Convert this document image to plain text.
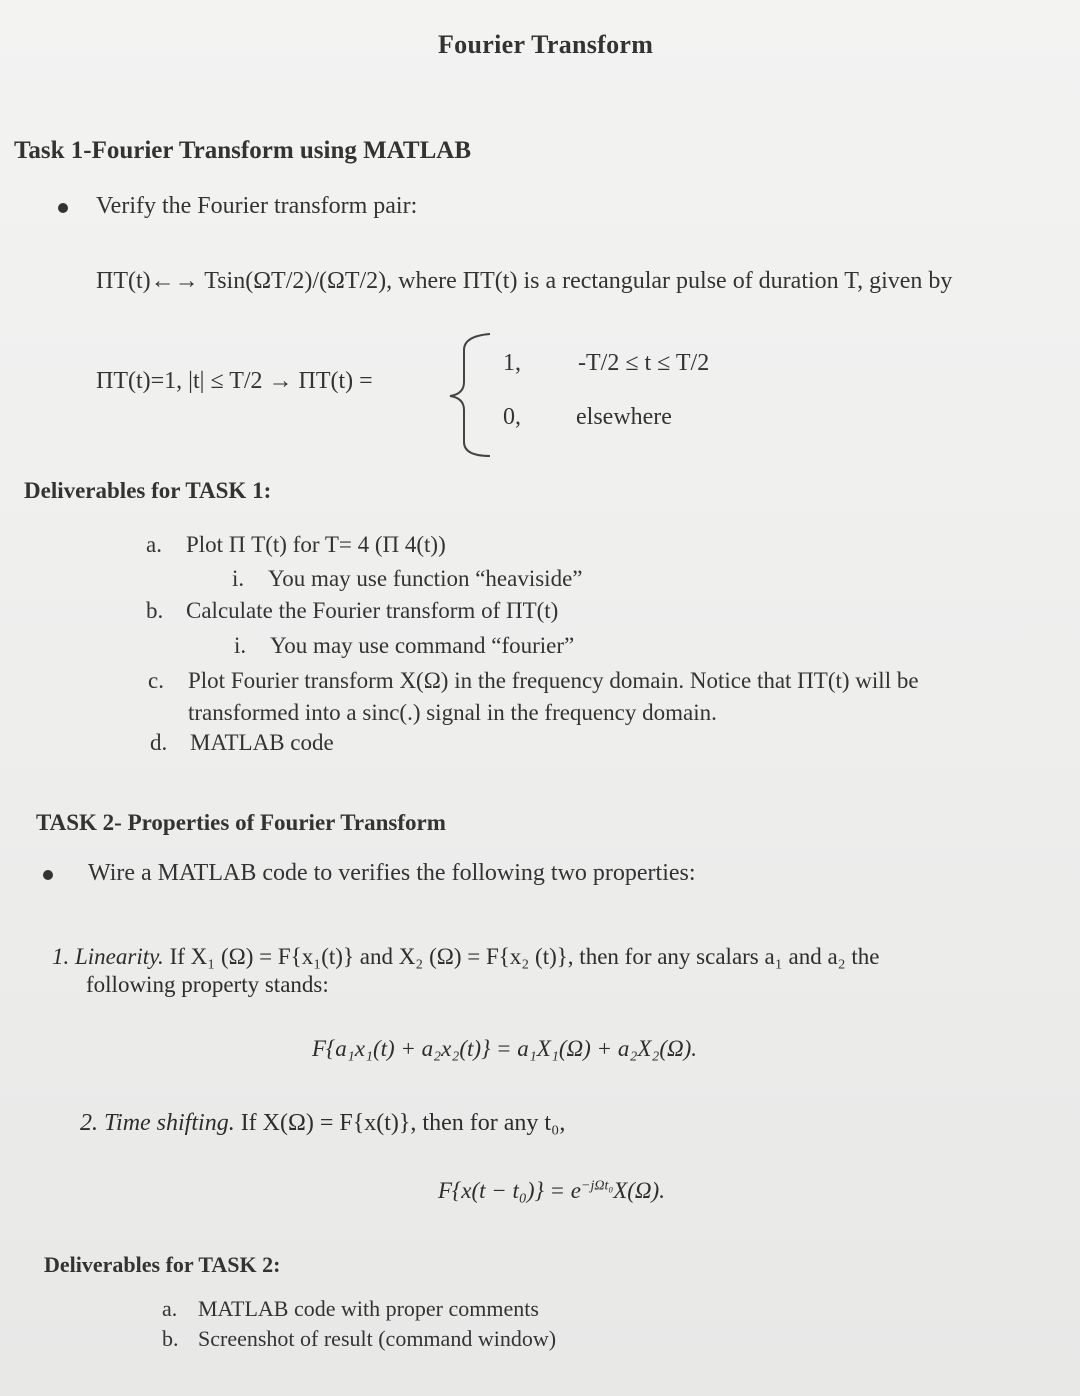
Fourier Transform
Task 1-Fourier Transform using MATLAB
Verify the Fourier transform pair:
ΠT(t)←→ Tsin(ΩT/2)/(ΩT/2), where ΠT(t) is a rectangular pulse of duration T, given by
ΠT(t)=1, |t| ≤ T/2 → ΠT(t) =
1, -T/2 ≤ t ≤ T/2
0, elsewhere
Deliverables for TASK 1:
a. Plot Π T(t) for T= 4 (Π 4(t))
i. You may use function “heaviside”
b. Calculate the Fourier transform of ΠT(t)
i. You may use command “fourier”
c. Plot Fourier transform X(Ω) in the frequency domain. Notice that ΠT(t) will be
transformed into a sinc(.) signal in the frequency domain.
d. MATLAB code
TASK 2- Properties of Fourier Transform
Wire a MATLAB code to verifies the following two properties:
1. Linearity. If X₁ (Ω) = F{x₁(t)} and X₂ (Ω) = F{x₂ (t)}, then for any scalars a₁ and a₂ the
following property stands:
F{a₁x₁(t) + a₂x₂(t)} = a₁X₁(Ω) + a₂X₂(Ω).
2. Time shifting. If X(Ω) = F{x(t)}, then for any t₀,
$F\{x(t - t_0)\} = e^{-j\Omega t_0}X(\Omega)$.
Deliverables for TASK 2:
a. MATLAB code with proper comments
b. Screenshot of result (command window)
